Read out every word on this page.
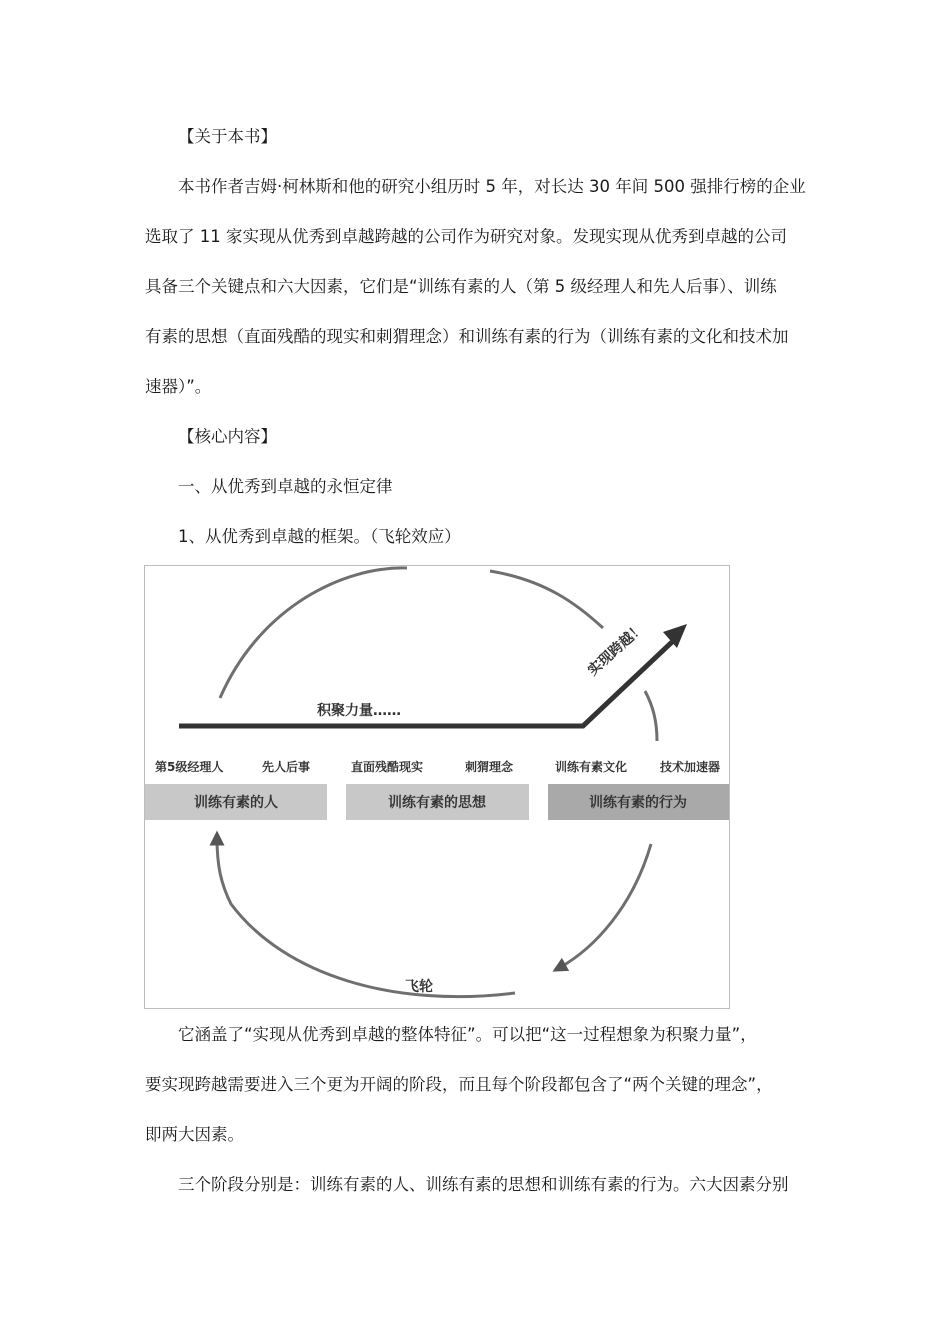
【关于本书】
本书作者吉姆·柯林斯和他的研究小组历时 5 年，对长达 30 年间 500 强排行榜的企业
选取了 11 家实现从优秀到卓越跨越的公司作为研究对象。发现实现从优秀到卓越的公司
具备三个关键点和六大因素，它们是“训练有素的人（第 5 级经理人和先人后事）、训练
有素的思想（直面残酷的现实和刺猬理念）和训练有素的行为（训练有素的文化和技术加
速器）”。
【核心内容】
一、从优秀到卓越的永恒定律
1、从优秀到卓越的框架。（飞轮效应）
实现跨越！
积聚力量……
第5级经理人	先人后事	直面残酷现实	刺猬理念	训练有素文化	技术加速器
训练有素的人	训练有素的思想	训练有素的行为
飞轮
它涵盖了“实现从优秀到卓越的整体特征”。可以把“这一过程想象为积聚力量”，
要实现跨越需要进入三个更为开阔的阶段，而且每个阶段都包含了“两个关键的理念”，
即两大因素。
三个阶段分别是：训练有素的人、训练有素的思想和训练有素的行为。六大因素分别
